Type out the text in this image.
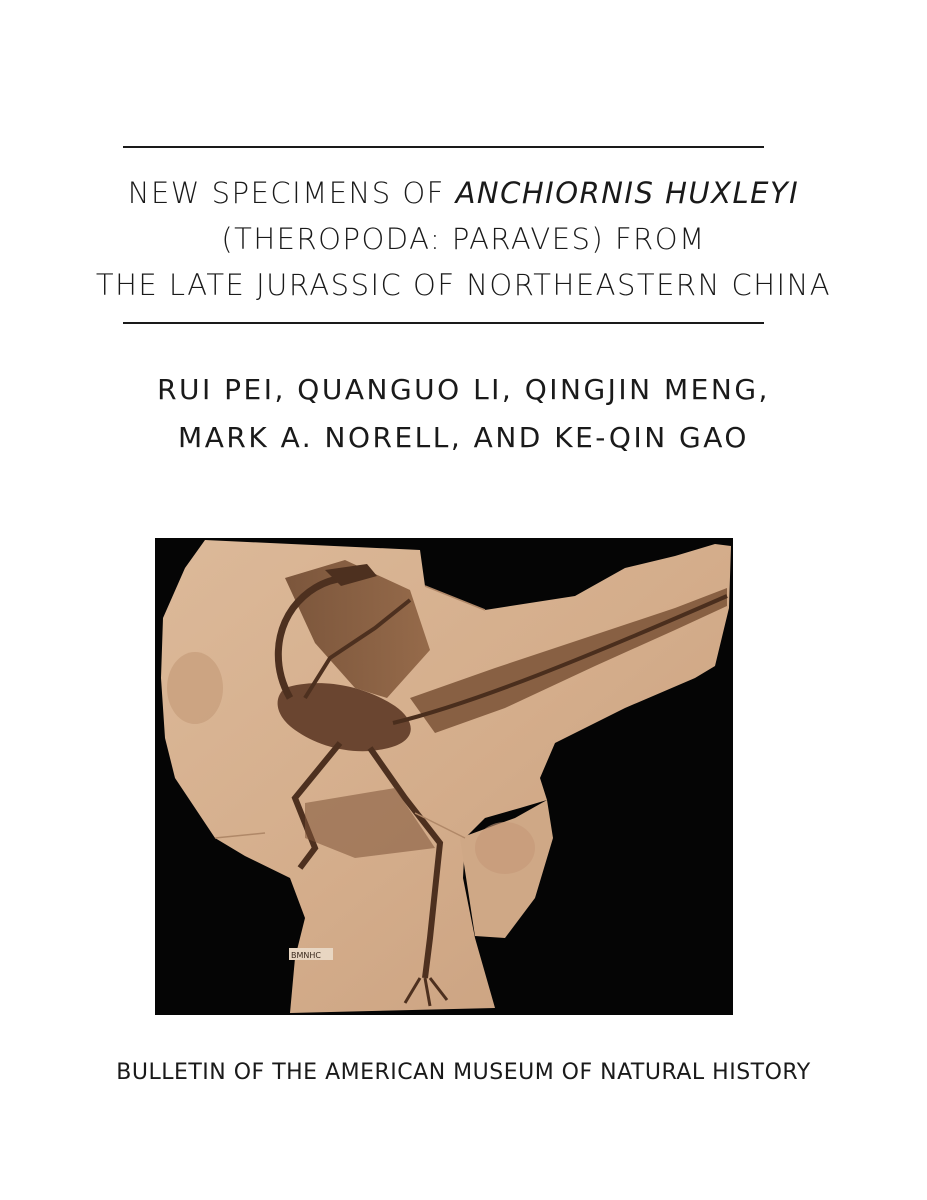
NEW SPECIMENS OF ANCHIORNIS HUXLEYI
(THEROPODA: PARAVES) FROM
THE LATE JURASSIC OF NORTHEASTERN CHINA
RUI PEI, QUANGUO LI, QINGJIN MENG,
MARK A. NORELL, AND KE-QIN GAO
BMNHC
BULLETIN OF THE AMERICAN MUSEUM OF NATURAL HISTORY
